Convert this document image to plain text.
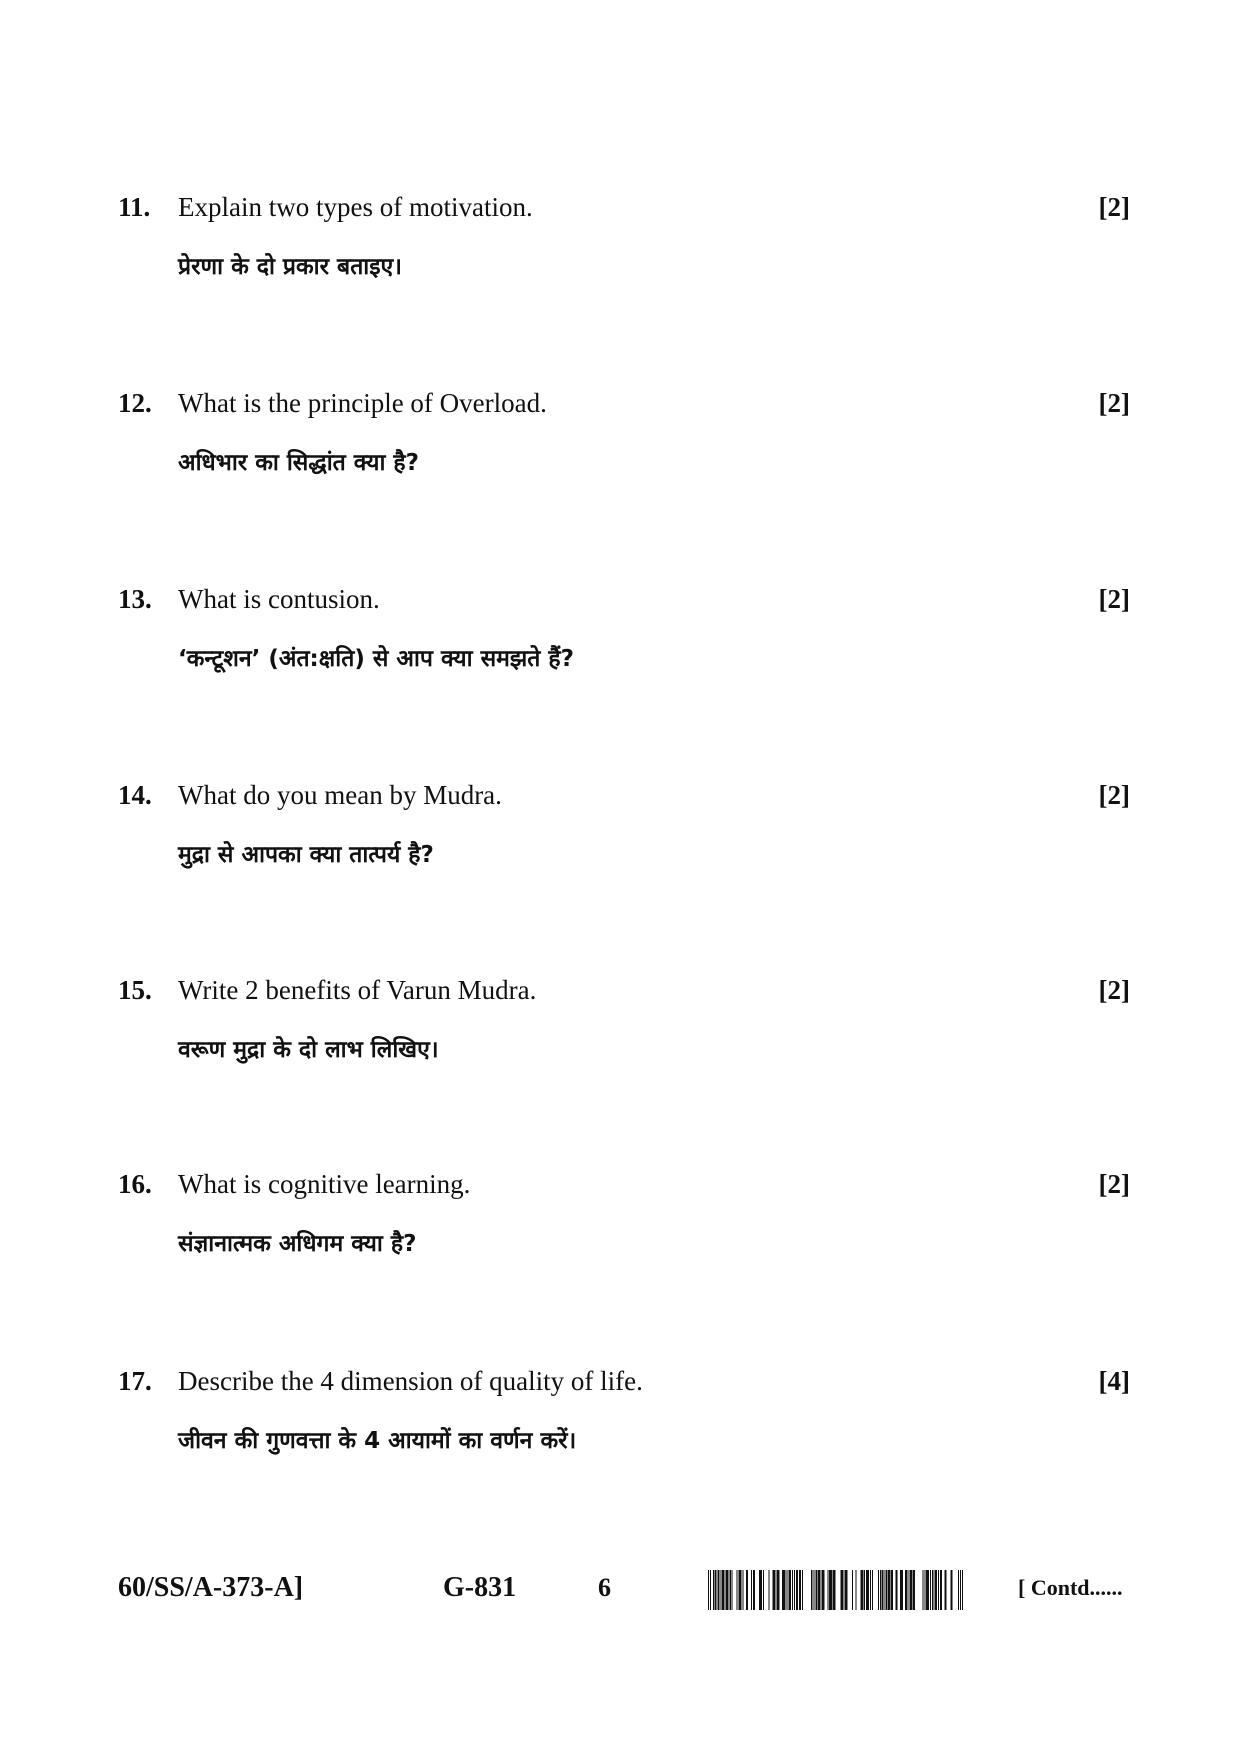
11. Explain two types of motivation.	[2]
प्रेरणा के दो प्रकार बताइए।
12. What is the principle of Overload.	[2]
अधिभार का सिद्धांत क्या है?
13. What is contusion.	[2]
‘कन्टूशन’ (अंत:क्षति) से आप क्या समझते हैं?
14. What do you mean by Mudra.	[2]
मुद्रा से आपका क्या तात्पर्य है?
15. Write 2 benefits of Varun Mudra.	[2]
वरूण मुद्रा के दो लाभ लिखिए।
16. What is cognitive learning.	[2]
संज्ञानात्मक अधिगम क्या है?
17. Describe the 4 dimension of quality of life.	[4]
जीवन की गुणवत्ता के 4 आयामों का वर्णन करें।
60/SS/A-373-A]	G-831	6	[ Contd......
